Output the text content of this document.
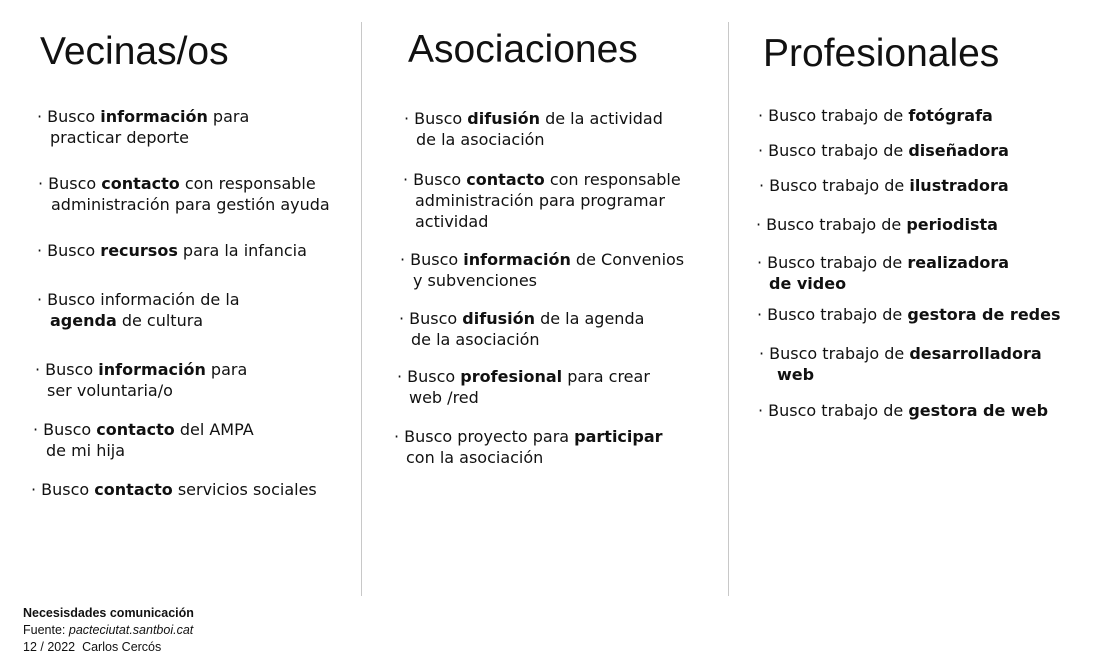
Vecinas/os	Asociaciones	Profesionales
· Busco información para
practicar deporte
· Busco contacto con responsable
administración para gestión ayuda
· Busco recursos para la infancia
· Busco información de la
agenda de cultura
· Busco información para
ser voluntaria/o
· Busco contacto del AMPA
de mi hija
· Busco contacto servicios sociales
· Busco difusión de la actividad
de la asociación
· Busco contacto con responsable
administración para programar
actividad
· Busco información de Convenios
y subvenciones
· Busco difusión de la agenda
de la asociación
· Busco profesional para crear
web /red
· Busco proyecto para participar
con la asociación
· Busco trabajo de fotógrafa
· Busco trabajo de diseñadora
· Busco trabajo de ilustradora
· Busco trabajo de periodista
· Busco trabajo de realizadora
de video
· Busco trabajo de gestora de redes
· Busco trabajo de desarrolladora
web
· Busco trabajo de gestora de web
Necesisdades comunicación
Fuente: pacteciutat.santboi.cat
12 / 2022  Carlos Cercós
